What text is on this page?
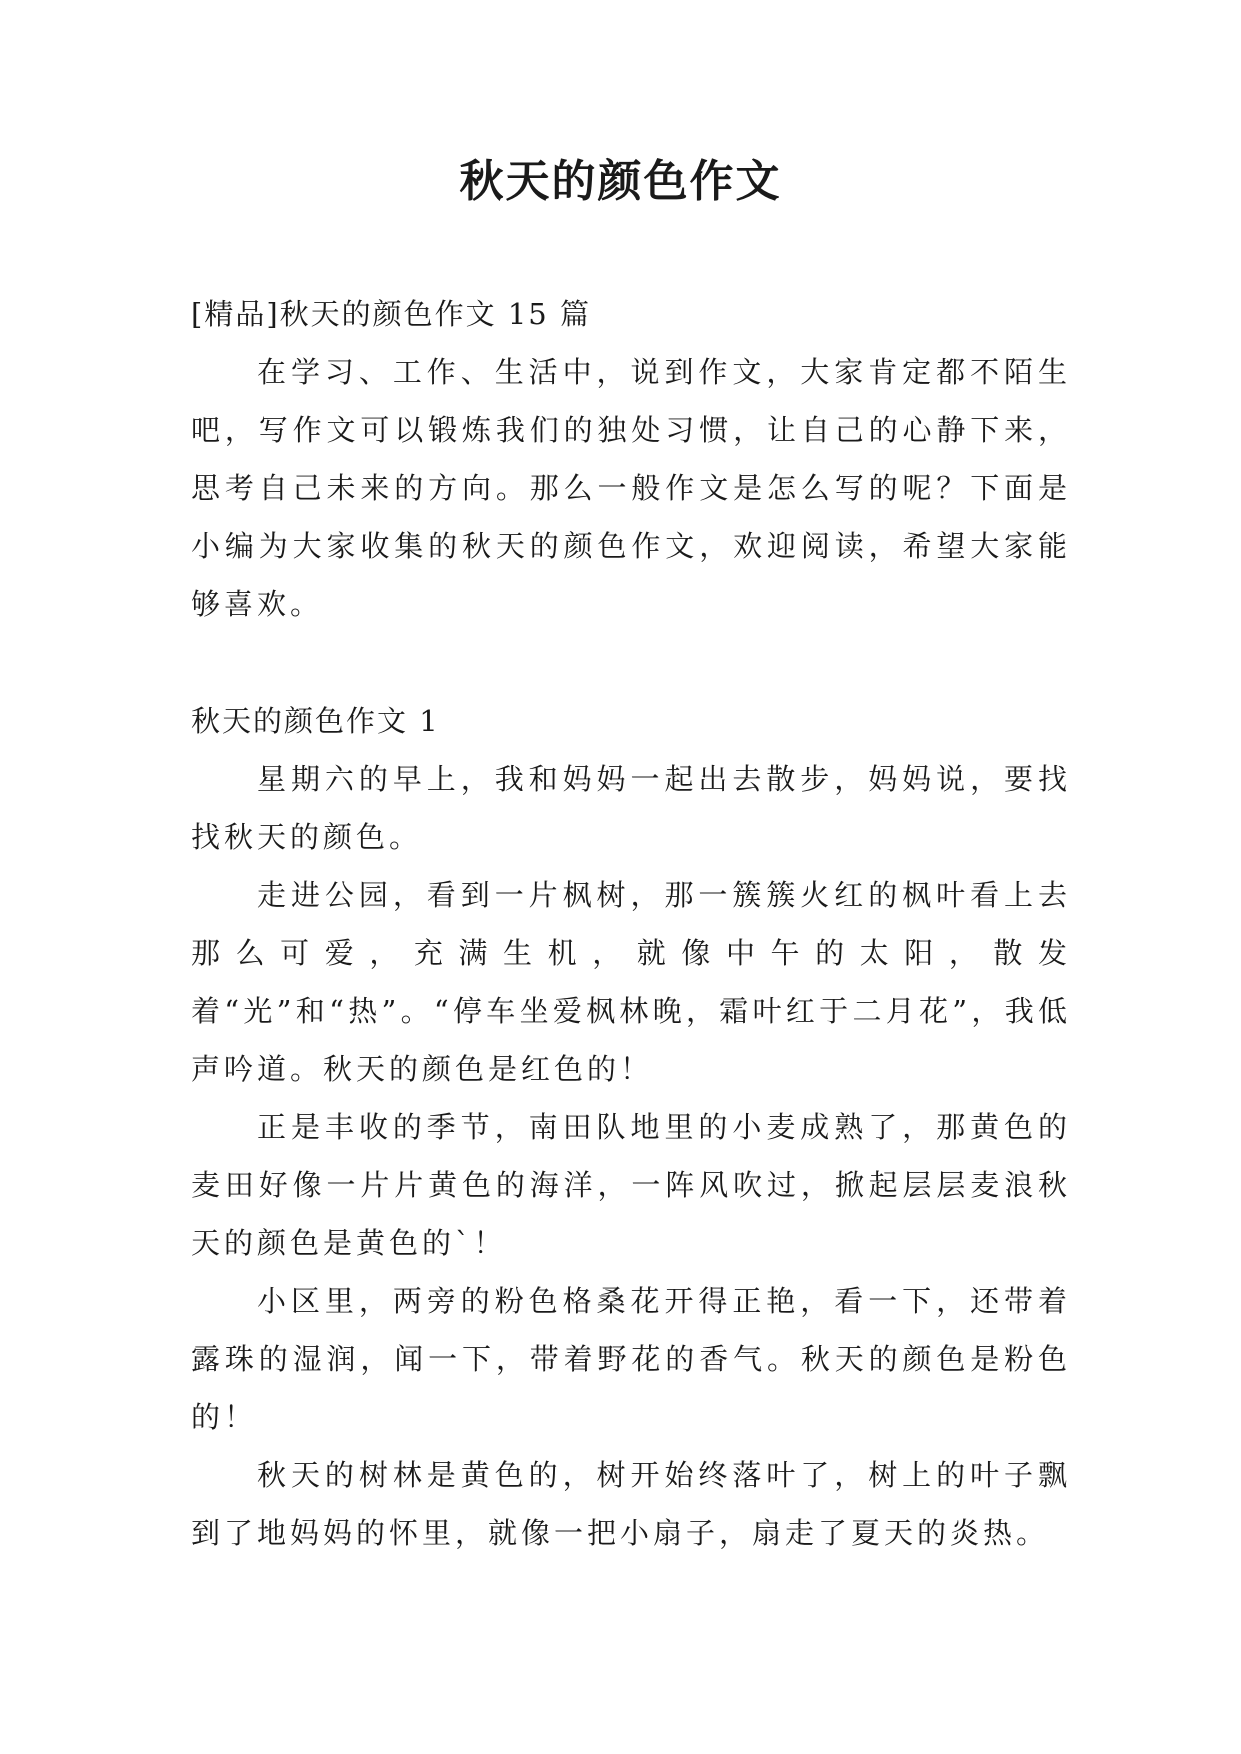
秋天的颜色作文

[精品]秋天的颜色作文 15 篇

在学习、工作、生活中，说到作文，大家肯定都不陌生吧，写作文可以锻炼我们的独处习惯，让自己的心静下来，思考自己未来的方向。那么一般作文是怎么写的呢？下面是小编为大家收集的秋天的颜色作文，欢迎阅读，希望大家能够喜欢。

秋天的颜色作文 1

星期六的早上，我和妈妈一起出去散步，妈妈说，要找找秋天的颜色。

走进公园，看到一片枫树，那一簇簇火红的枫叶看上去那么可爱，充满生机，就像中午的太阳，散发着“光”和“热”。“停车坐爱枫林晚，霜叶红于二月花”，我低声吟道。秋天的颜色是红色的！

正是丰收的季节，南田队地里的小麦成熟了，那黄色的麦田好像一片片黄色的海洋，一阵风吹过，掀起层层麦浪秋天的颜色是黄色的`！

小区里，两旁的粉色格桑花开得正艳，看一下，还带着露珠的湿润，闻一下，带着野花的香气。秋天的颜色是粉色的！

秋天的树林是黄色的，树开始终落叶了，树上的叶子飘到了地妈妈的怀里，就像一把小扇子，扇走了夏天的炎热。
